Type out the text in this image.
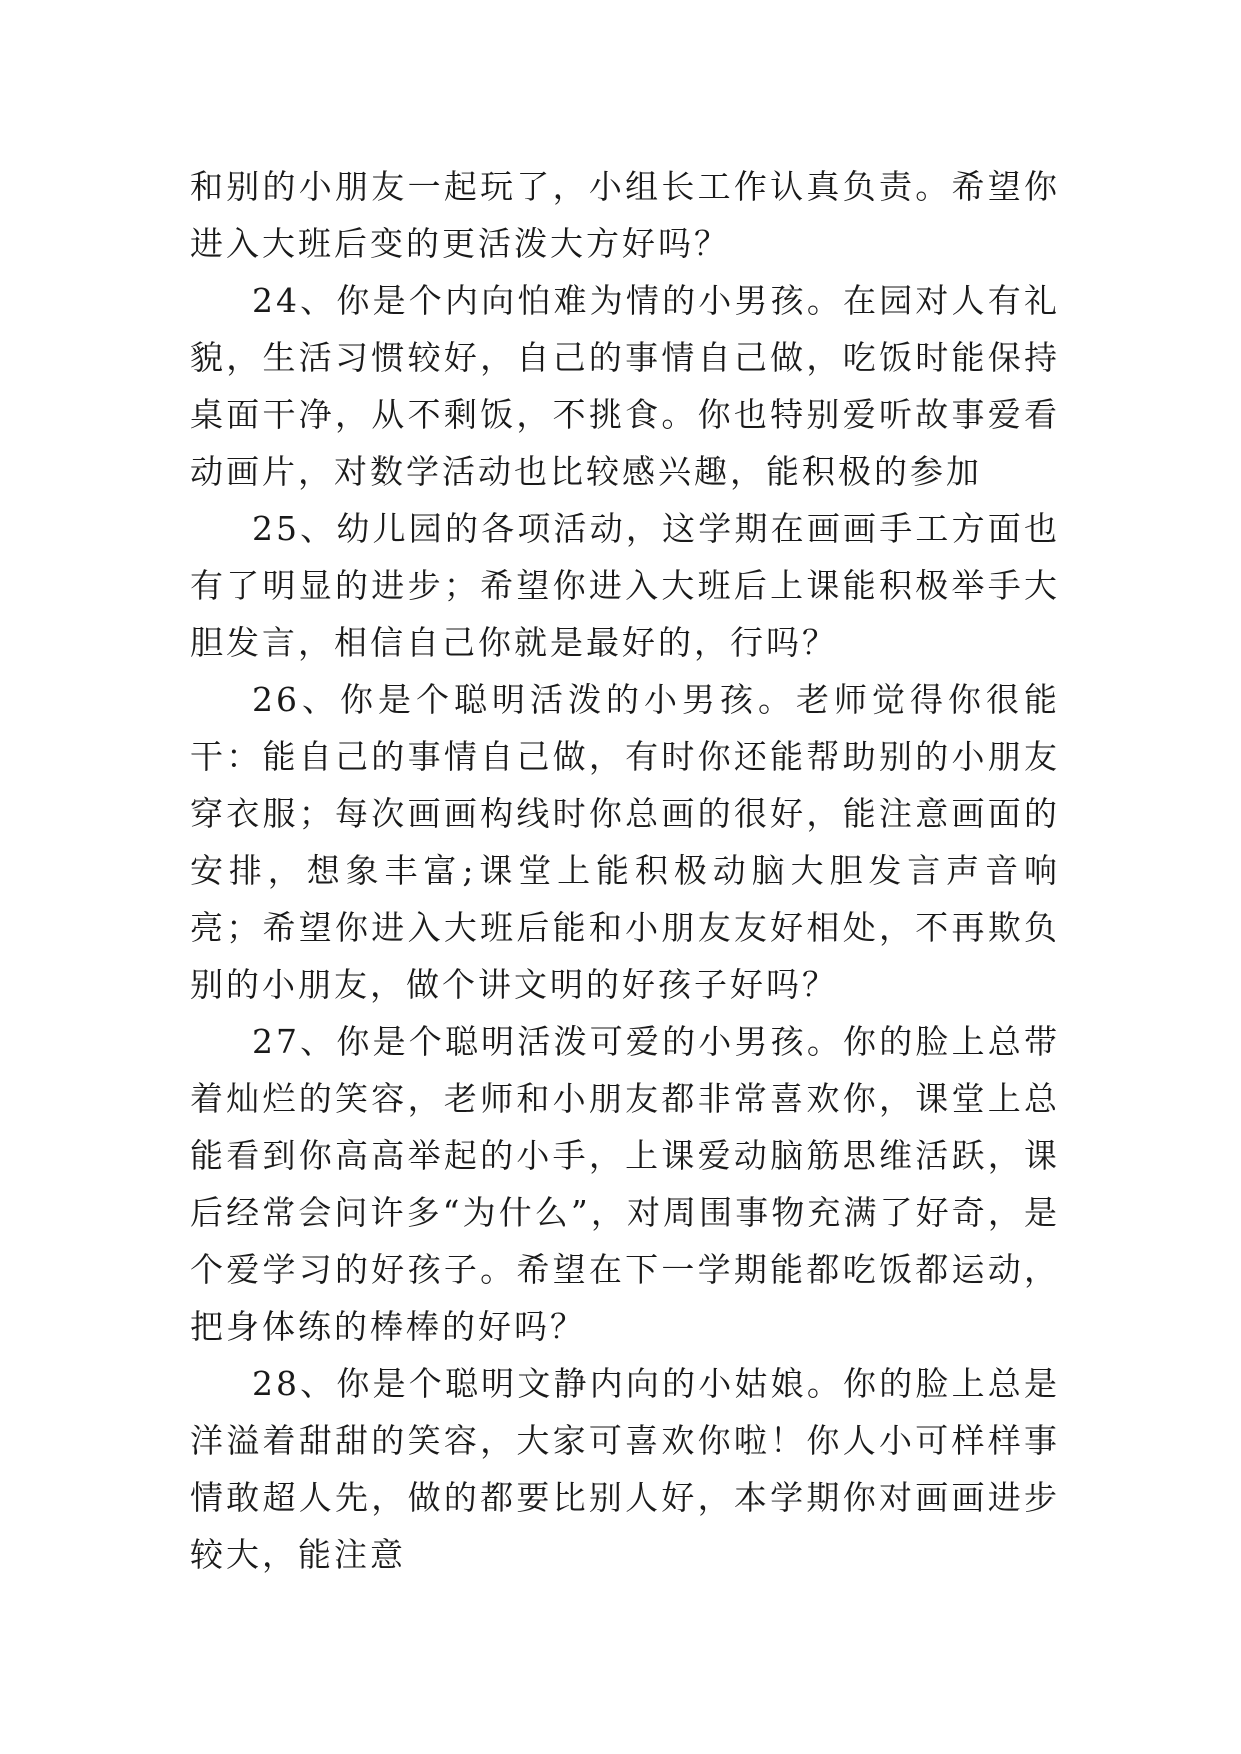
和别的小朋友一起玩了，小组长工作认真负责。希望你进入大班后变的更活泼大方好吗？

24、你是个内向怕难为情的小男孩。在园对人有礼貌，生活习惯较好，自己的事情自己做，吃饭时能保持桌面干净，从不剩饭，不挑食。你也特别爱听故事爱看动画片，对数学活动也比较感兴趣，能积极的参加

25、幼儿园的各项活动，这学期在画画手工方面也有了明显的进步；希望你进入大班后上课能积极举手大胆发言，相信自己你就是最好的，行吗？

26、你是个聪明活泼的小男孩。老师觉得你很能干：能自己的事情自己做，有时你还能帮助别的小朋友穿衣服；每次画画构线时你总画的很好，能注意画面的安排，想象丰富;课堂上能积极动脑大胆发言声音响亮；希望你进入大班后能和小朋友友好相处，不再欺负别的小朋友，做个讲文明的好孩子好吗？

27、你是个聪明活泼可爱的小男孩。你的脸上总带着灿烂的笑容，老师和小朋友都非常喜欢你，课堂上总能看到你高高举起的小手，上课爱动脑筋思维活跃，课后经常会问许多“为什么”，对周围事物充满了好奇，是个爱学习的好孩子。希望在下一学期能都吃饭都运动，把身体练的棒棒的好吗？

28、你是个聪明文静内向的小姑娘。你的脸上总是洋溢着甜甜的笑容，大家可喜欢你啦！你人小可样样事情敢超人先，做的都要比别人好，本学期你对画画进步较大，能注意
